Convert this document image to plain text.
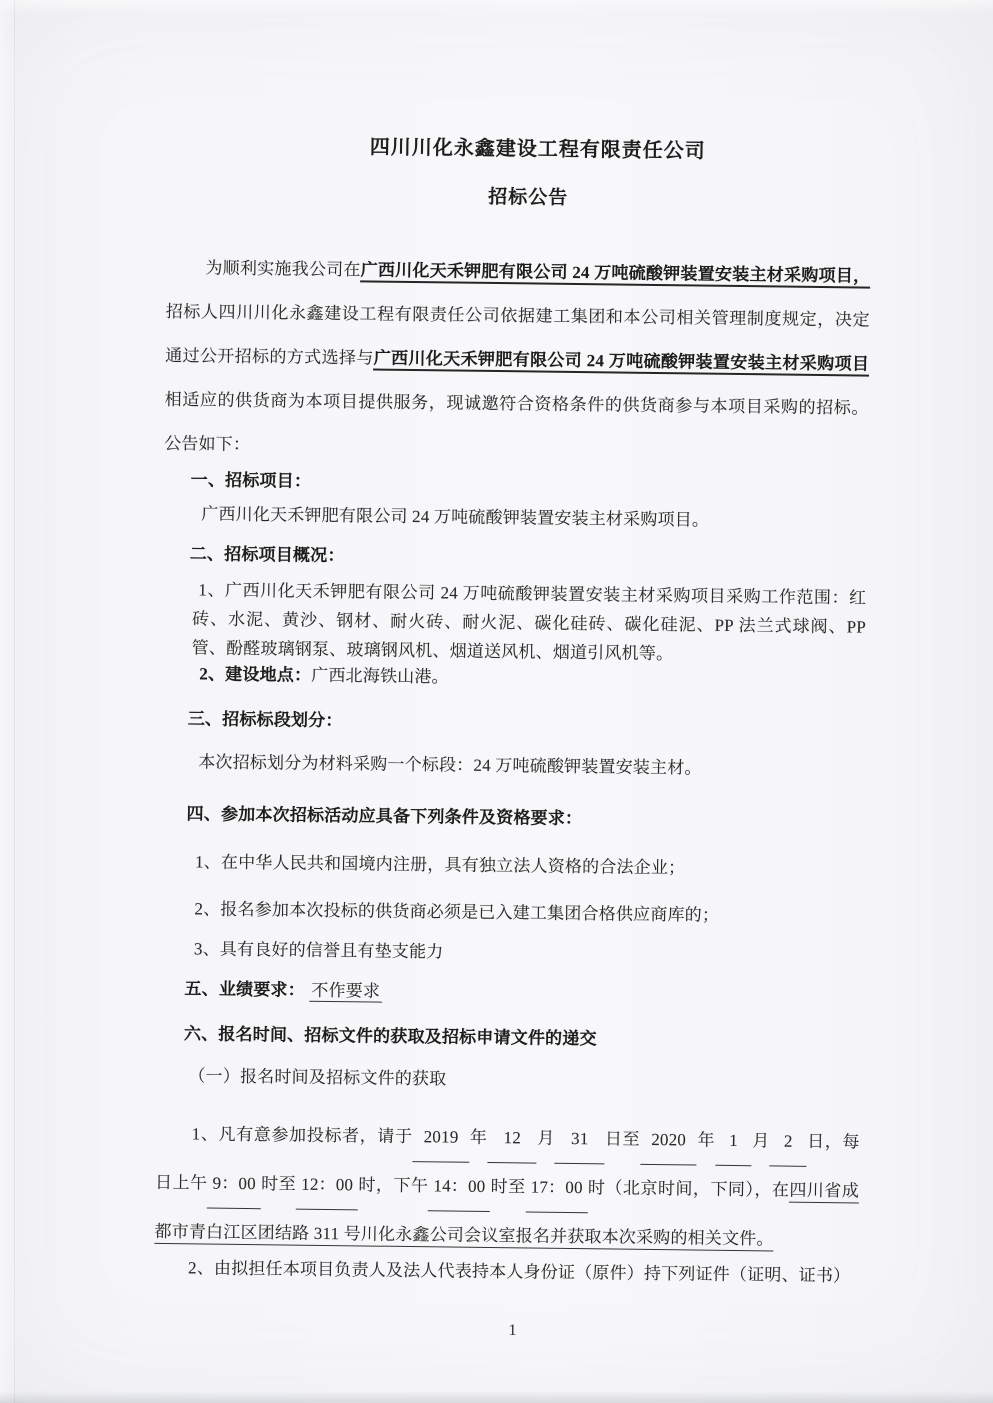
四川川化永鑫建设工程有限责任公司

招标公告

为顺利实施我公司在广西川化天禾钾肥有限公司 24 万吨硫酸钾装置安装主材采购项目，招标人四川川化永鑫建设工程有限责任公司依据建工集团和本公司相关管理制度规定，决定通过公开招标的方式选择与广西川化天禾钾肥有限公司 24 万吨硫酸钾装置安装主材采购项目相适应的供货商为本项目提供服务，现诚邀符合资格条件的供货商参与本项目采购的招标。公告如下：

一、招标项目：

广西川化天禾钾肥有限公司 24 万吨硫酸钾装置安装主材采购项目。

二、招标项目概况：

1、广西川化天禾钾肥有限公司 24 万吨硫酸钾装置安装主材采购项目采购工作范围：红砖、水泥、黄沙、钢材、耐火砖、耐火泥、碳化硅砖、碳化硅泥、PP 法兰式球阀、PP 管、酚醛玻璃钢泵、玻璃钢风机、烟道送风机、烟道引风机等。

2、建设地点：广西北海铁山港。

三、招标标段划分：

本次招标划分为材料采购一个标段：24 万吨硫酸钾装置安装主材。

四、参加本次招标活动应具备下列条件及资格要求：

1、在中华人民共和国境内注册，具有独立法人资格的合法企业；

2、报名参加本次投标的供货商必须是已入建工集团合格供应商库的；

3、具有良好的信誉且有垫支能力

五、业绩要求： 不作要求

六、报名时间、招标文件的获取及招标申请文件的递交

（一）报名时间及招标文件的获取

1、凡有意参加投标者，请于 2019 年 12 月 31 日至 2020 年 1 月 2 日，每日上午 9：00 时至 12：00 时，下午 14：00 时至 17：00 时（北京时间，下同），在四川省成都市青白江区团结路 311 号川化永鑫公司会议室报名并获取本次采购的相关文件。

2、由拟担任本项目负责人及法人代表持本人身份证（原件）持下列证件（证明、证书）

1
